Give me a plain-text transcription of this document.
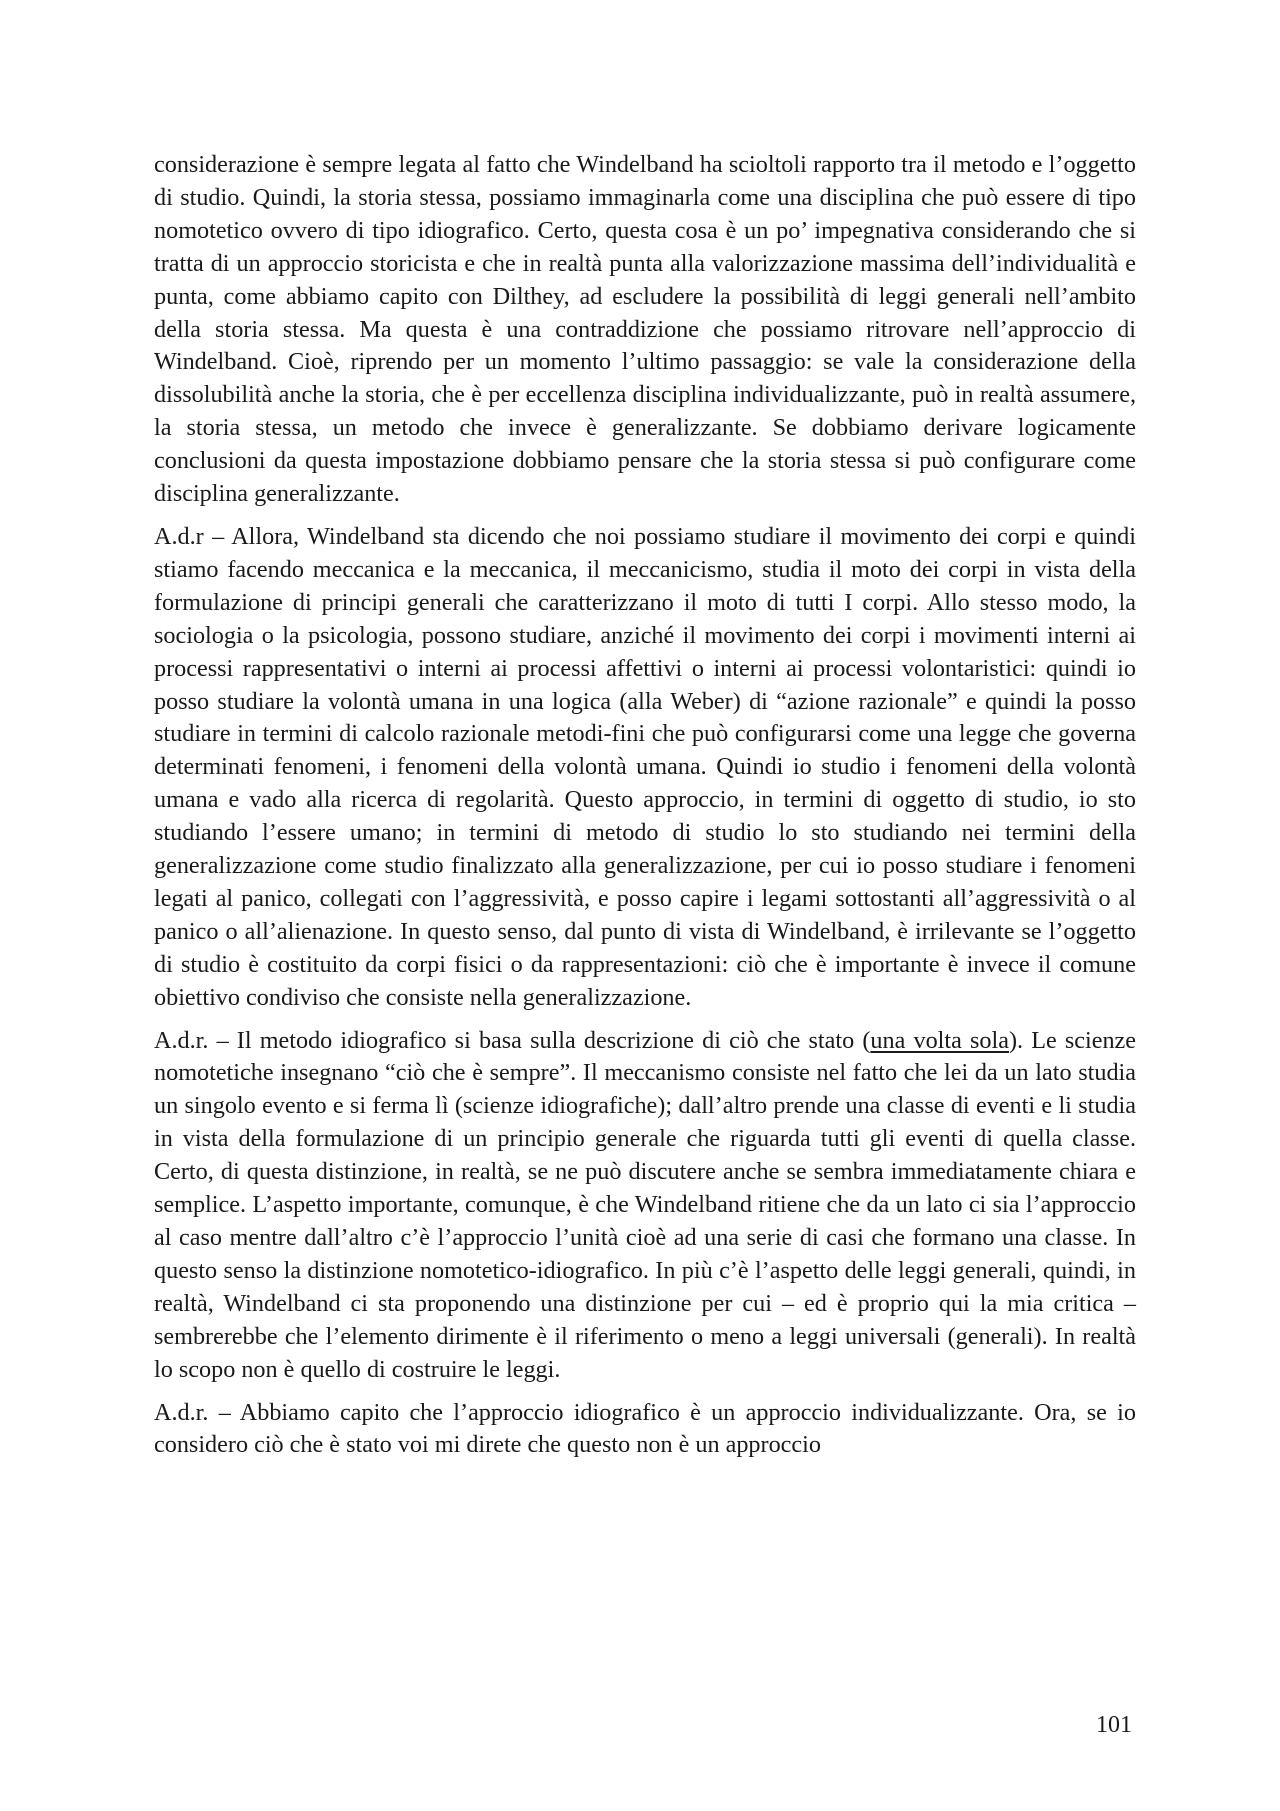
considerazione è sempre legata al fatto che Windelband ha scioltoli rapporto tra il metodo e l’oggetto di studio. Quindi, la storia stessa, possiamo immaginarla come una disciplina che può essere di tipo nomotetico ovvero di tipo idiografico. Certo, questa cosa è un po’ impegnativa considerando che si tratta di un approccio storicista e che in realtà punta alla valorizzazione massima dell’individualità e punta, come abbiamo capito con Dilthey, ad escludere la possibilità di leggi generali nell’ambito della storia stessa. Ma questa è una contraddizione che possiamo ritrovare nell’approccio di Windelband. Cioè, riprendo per un momento l’ultimo passaggio: se vale la considerazione della dissolubilità anche la storia, che è per eccellenza disciplina individualizzante, può in realtà assumere, la storia stessa, un metodo che invece è generalizzante. Se dobbiamo derivare logicamente conclusioni da questa impostazione dobbiamo pensare che la storia stessa si può configurare come disciplina generalizzante.

A.d.r – Allora, Windelband sta dicendo che noi possiamo studiare il movimento dei corpi e quindi stiamo facendo meccanica e la meccanica, il meccanicismo, studia il moto dei corpi in vista della formulazione di principi generali che caratterizzano il moto di tutti I corpi. Allo stesso modo, la sociologia o la psicologia, possono studiare, anziché il movimento dei corpi i movimenti interni ai processi rappresentativi o interni ai processi affettivi o interni ai processi volontaristici: quindi io posso studiare la volontà umana in una logica (alla Weber) di “azione razionale” e quindi la posso studiare in termini di calcolo razionale metodi-fini che può configurarsi come una legge che governa determinati fenomeni, i fenomeni della volontà umana. Quindi io studio i fenomeni della volontà umana e vado alla ricerca di regolarità. Questo approccio, in termini di oggetto di studio, io sto studiando l’essere umano; in termini di metodo di studio lo sto studiando nei termini della generalizzazione come studio finalizzato alla generalizzazione, per cui io posso studiare i fenomeni legati al panico, collegati con l’aggressività, e posso capire i legami sottostanti all’aggressività o al panico o all’alienazione. In questo senso, dal punto di vista di Windelband, è irrilevante se l’oggetto di studio è costituito da corpi fisici o da rappresentazioni: ciò che è importante è invece il comune obiettivo condiviso che consiste nella generalizzazione.

A.d.r. – Il metodo idiografico si basa sulla descrizione di ciò che stato (una volta sola). Le scienze nomotetiche insegnano “ciò che è sempre”. Il meccanismo consiste nel fatto che lei da un lato studia un singolo evento e si ferma lì (scienze idiografiche); dall’altro prende una classe di eventi e li studia in vista della formulazione di un principio generale che riguarda tutti gli eventi di quella classe. Certo, di questa distinzione, in realtà, se ne può discutere anche se sembra immediatamente chiara e semplice. L’aspetto importante, comunque, è che Windelband ritiene che da un lato ci sia l’approccio al caso mentre dall’altro c’è l’approccio l’unità cioè ad una serie di casi che formano una classe. In questo senso la distinzione nomotetico-idiografico. In più c’è l’aspetto delle leggi generali, quindi, in realtà, Windelband ci sta proponendo una distinzione per cui – ed è proprio qui la mia critica – sembrerebbe che l’elemento dirimente è il riferimento o meno a leggi universali (generali). In realtà lo scopo non è quello di costruire le leggi.

A.d.r. – Abbiamo capito che l’approccio idiografico è un approccio individualizzante. Ora, se io considero ciò che è stato voi mi direte che questo non è un approccio

101
